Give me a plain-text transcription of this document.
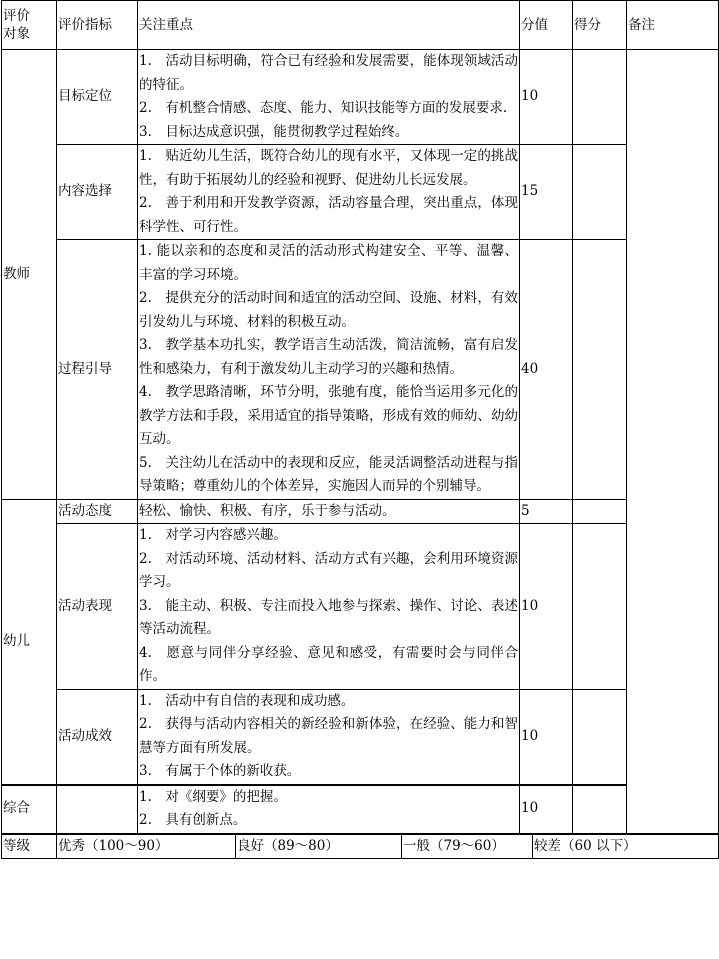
评价
对象	评价指标	关注重点	分值	得分	备注	
教师	目标定位	1.　活动目标明确，符合已有经验和发展需要，能体现领域活动的特征。
2.　有机整合情感、态度、能力、知识技能等方面的发展要求.
3.　目标达成意识强，能贯彻教学过程始终。	10			
	内容选择	1.　贴近幼儿生活，既符合幼儿的现有水平，又体现一定的挑战性，有助于拓展幼儿的经验和视野、促进幼儿长远发展。
2.　善于利用和开发教学资源，活动容量合理，突出重点，体现科学性、可行性。	15			
	过程引导	1. 能以亲和的态度和灵活的活动形式构建安全、平等、温馨、丰富的学习环境。
2.　提供充分的活动时间和适宜的活动空间、设施、材料，有效引发幼儿与环境、材料的积极互动。
3.　教学基本功扎实，教学语言生动活泼，简洁流畅，富有启发性和感染力，有利于激发幼儿主动学习的兴趣和热情。
4.　教学思路清晰，环节分明，张驰有度，能恰当运用多元化的教学方法和手段，采用适宜的指导策略，形成有效的师幼、幼幼互动。
5.　关注幼儿在活动中的表现和反应，能灵活调整活动进程与指导策略；尊重幼儿的个体差异，实施因人而异的个别辅导。	40			
幼儿	活动态度	轻松、愉快、积极、有序，乐于参与活动。	5			
	活动表现	1.　对学习内容感兴趣。
2.　对活动环境、活动材料、活动方式有兴趣，会利用环境资源学习。
3.　能主动、积极、专注而投入地参与探索、操作、讨论、表述等活动流程。
4.　愿意与同伴分享经验、意见和感受，有需要时会与同伴合作。	10			
	活动成效	1.　活动中有自信的表现和成功感。
2.　获得与活动内容相关的新经验和新体验，在经验、能力和智慧等方面有所发展。
3.　有属于个体的新收获。	10			
综合		1.　对《纲要》的把握。
2.　具有创新点。	10			
等级	优秀（100～90）	良好（89～80）	一般（79～60）	较差（60 以下）
